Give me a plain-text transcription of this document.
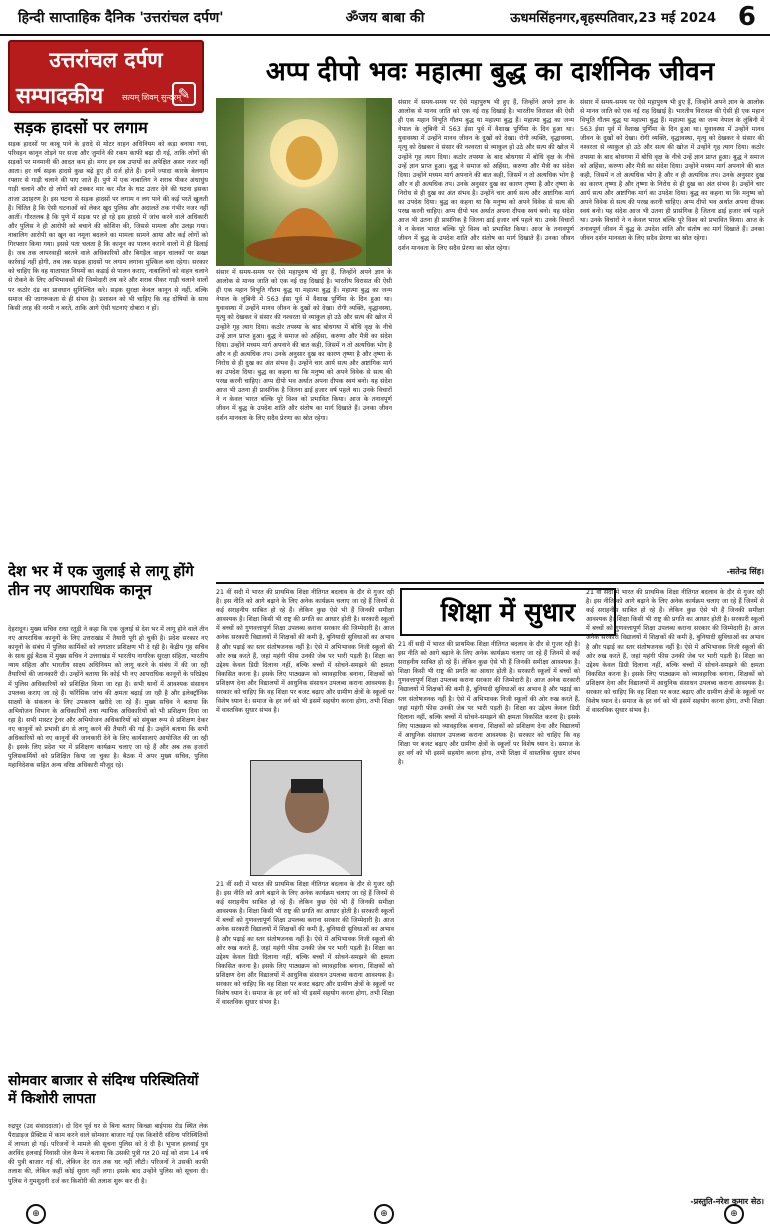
हिन्दी साप्ताहिक दैनिक 'उत्तरांचल दर्पण'	ॐजय बाबा की	ऊधमसिंहनगर,बृहस्पतिवार,23 मई 2024 6
उत्तरांचल दर्पण
सम्पादकीय सत्यम् शिवम् सुन्दरम्
✎
सड़क हादसों पर लगाम
सड़क हादसों पर काबू पाने के इरादे से मोटर वाहन अधिनियम को कड़ा बनाया गया, परिवहन कानून तोड़ने पर सजा और जुर्माने की रकम काफी बढ़ा दी गई, ताकि लोगों की सड़कों पर मनमानी की आदत कम हो। मगर इन सब उपायों का अपेक्षित असर नजर नहीं आता। हर वर्ष सड़क हादसे कुछ बढ़े हुए ही दर्ज होते हैं। इनमें ज्यादा कारके बेलगाम रफ्तार से गाड़ी चलाने की पाए जाते हैं। पुणे में एक नाबालिग ने शराब पीकर अंधाधुंध गाड़ी चलाने और दो लोगों को टक्कर मार कर मौत के घाट उतार देने की घटना इसका ताजा उदाहरण है। इस घटना से सड़क हादसों पर लगाम न लग पाने की कई परतें खुलती हैं। चिंतित है कि ऐसी घटनाओं को लेकर खुद पुलिस और अदालतें तक गंभीर नजर नहीं आतीं। गौरतलब है कि पुणे में सड़क पर हो रहे इस हादसे में जांच करने वाले अधिकारी और पुलिस ने ही आरोपी को बचाने की कोशिश की, जिससे मामला और उलझ गया। नाबालिग आरोपी का खून का नमूना बदलने का मामला सामने आया और कई लोगों को गिरफ्तार किया गया। इससे पता चलता है कि कानून का पालन कराने वालों में ही ढिलाई है। जब तक लापरवाही बरतने वाले अधिकारियों और बिगड़ैल वाहन चालकों पर सख्त कार्रवाई नहीं होगी, तब तक सड़क हादसों पर लगाम लगाना मुश्किल बना रहेगा। सरकार को चाहिए कि वह यातायात नियमों का कड़ाई से पालन कराए, नाबालिगों को वाहन चलाने से रोकने के लिए अभिभावकों की जिम्मेदारी तय करे और शराब पीकर गाड़ी चलाने वालों पर कठोर दंड का प्रावधान सुनिश्चित करे। सड़क सुरक्षा केवल कानून से नहीं, बल्कि समाज की जागरूकता से ही संभव है। प्रशासन को भी चाहिए कि वह दोषियों के साथ किसी तरह की नरमी न बरते, ताकि आगे ऐसी घटनाएं दोबारा न हों।
देश भर में एक जुलाई से लागू होंगे तीन नए आपराधिक कानून
देहरादून। मुख्य सचिव राधा रतूड़ी ने कहा कि एक जुलाई से देश भर में लागू होने वाले तीन नए आपराधिक कानूनों के लिए उत्तराखंड में तैयारी पूरी हो चुकी है। प्रदेश सरकार नए कानूनों के संबंध में पुलिस कार्मिकों को लगातार प्रशिक्षण भी दे रही है। केंद्रीय गृह सचिव के साथ हुई बैठक में मुख्य सचिव ने उत्तराखंड में भारतीय नागरिक सुरक्षा संहिता, भारतीय न्याय संहिता और भारतीय साक्ष्य अधिनियम को लागू करने के संबंध में की जा रही तैयारियों की जानकारी दी। उन्होंने बताया कि कोई भी नए आपराधिक कानूनों के परिप्रेक्ष्य में पुलिस अधिकारियों को प्रशिक्षित किया जा रहा है। सभी थानों में आवश्यक संसाधन उपलब्ध कराए जा रहे हैं। फॉरेंसिक जांच की क्षमता बढ़ाई जा रही है और इलेक्ट्रॉनिक साक्ष्यों के संकलन के लिए उपकरण खरीदे जा रहे हैं। मुख्य सचिव ने बताया कि अभियोजन विभाग के अधिकारियों तथा न्यायिक अधिकारियों को भी प्रशिक्षण दिया जा रहा है। सभी मास्टर ट्रेनर और अभियोजन अधिकारियों को संयुक्त रूप से प्रशिक्षण देकर नए कानूनों को प्रभावी ढंग से लागू करने की तैयारी की गई है। उन्होंने बताया कि सभी अधिकारियों को नए कानूनों की जानकारी देने के लिए कार्यशालाएं आयोजित की जा रही हैं। इसके लिए प्रदेश भर में प्रशिक्षण कार्यक्रम चलाए जा रहे हैं और अब तक हजारों पुलिसकर्मियों को प्रशिक्षित किया जा चुका है। बैठक में अपर मुख्य सचिव, पुलिस महानिदेशक सहित अन्य वरिष्ठ अधिकारी मौजूद रहे।
सोमवार बाजार से संदिग्ध परिस्थितियों में किशोरी लापता
रुद्रपुर (उद संवाददाता)। दो दिन पूर्व घर से बिना बताए किच्छा बाईपास रोड स्थित लेक पैराडाइज प्रैक्टिस में काम करने वाले सोमवार बाजार गई एक किशोरी संदिग्ध परिस्थितियों में लापता हो गई। परिजनों ने मामले की सूचना पुलिस को दे दी है। भूपाल हलवाई पुत्र अरविंद हलवाई निवासी जेल कैम्प ने बताया कि उसकी पुत्री गत 20 मई को शाम 14 वर्ष की पुत्री बाजार गई थी, लेकिन देर रात तक घर नहीं लौटी। परिजनों ने उसकी काफी तलाश की, लेकिन कहीं कोई सुराग नहीं लगा। इसके बाद उन्होंने पुलिस को सूचना दी। पुलिस ने गुमशुदगी दर्ज कर किशोरी की तलाश शुरू कर दी है।
अप्प दीपो भवः महात्मा बुद्ध का दार्शनिक जीवन
संसार में समय-समय पर ऐसे महापुरुष भी हुए हैं, जिन्होंने अपने ज्ञान के आलोक से मानव जाति को एक नई राह दिखाई है। भारतीय विरासत की ऐसी ही एक महान विभूति गौतम बुद्ध या महात्मा बुद्ध हैं। महात्मा बुद्ध का जन्म नेपाल के लुंबिनी में 563 ईसा पूर्व में वैशाख पूर्णिमा के दिन हुआ था। युवावस्था में उन्होंने मानव जीवन के दुखों को देखा। रोगी व्यक्ति, वृद्धावस्था, मृत्यु को देखकर वे संसार की नश्वरता से व्याकुल हो उठे और सत्य की खोज में उन्होंने गृह त्याग दिया। कठोर तपस्या के बाद बोधगया में बोधि वृक्ष के नीचे उन्हें ज्ञान प्राप्त हुआ। बुद्ध ने समाज को अहिंसा, करुणा और मैत्री का संदेश दिया। उन्होंने मध्यम मार्ग अपनाने की बात कही, जिसमें न तो अत्यधिक भोग है और न ही अत्यधिक तप। उनके अनुसार दुख का कारण तृष्णा है और तृष्णा के निरोध से ही दुख का अंत संभव है। उन्होंने चार आर्य सत्य और अष्टांगिक मार्ग का उपदेश दिया। बुद्ध का कहना था कि मनुष्य को अपने विवेक से सत्य की परख करनी चाहिए। अप्प दीपो भव अर्थात अपना दीपक स्वयं बनो। यह संदेश आज भी उतना ही प्रासंगिक है जितना ढाई हजार वर्ष पहले था। उनके विचारों ने न केवल भारत बल्कि पूरे विश्व को प्रभावित किया। आज के तनावपूर्ण जीवन में बुद्ध के उपदेश शांति और संतोष का मार्ग दिखाते हैं। उनका जीवन दर्शन मानवता के लिए सदैव प्रेरणा का स्रोत रहेगा।
संसार में समय-समय पर ऐसे महापुरुष भी हुए हैं, जिन्होंने अपने ज्ञान के आलोक से मानव जाति को एक नई राह दिखाई है। भारतीय विरासत की ऐसी ही एक महान विभूति गौतम बुद्ध या महात्मा बुद्ध हैं। महात्मा बुद्ध का जन्म नेपाल के लुंबिनी में 563 ईसा पूर्व में वैशाख पूर्णिमा के दिन हुआ था। युवावस्था में उन्होंने मानव जीवन के दुखों को देखा। रोगी व्यक्ति, वृद्धावस्था, मृत्यु को देखकर वे संसार की नश्वरता से व्याकुल हो उठे और सत्य की खोज में उन्होंने गृह त्याग दिया। कठोर तपस्या के बाद बोधगया में बोधि वृक्ष के नीचे उन्हें ज्ञान प्राप्त हुआ। बुद्ध ने समाज को अहिंसा, करुणा और मैत्री का संदेश दिया। उन्होंने मध्यम मार्ग अपनाने की बात कही, जिसमें न तो अत्यधिक भोग है और न ही अत्यधिक तप। उनके अनुसार दुख का कारण तृष्णा है और तृष्णा के निरोध से ही दुख का अंत संभव है। उन्होंने चार आर्य सत्य और अष्टांगिक मार्ग का उपदेश दिया। बुद्ध का कहना था कि मनुष्य को अपने विवेक से सत्य की परख करनी चाहिए। अप्प दीपो भव अर्थात अपना दीपक स्वयं बनो। यह संदेश आज भी उतना ही प्रासंगिक है जितना ढाई हजार वर्ष पहले था। उनके विचारों ने न केवल भारत बल्कि पूरे विश्व को प्रभावित किया। आज के तनावपूर्ण जीवन में बुद्ध के उपदेश शांति और संतोष का मार्ग दिखाते हैं। उनका जीवन दर्शन मानवता के लिए सदैव प्रेरणा का स्रोत रहेगा।
संसार में समय-समय पर ऐसे महापुरुष भी हुए हैं, जिन्होंने अपने ज्ञान के आलोक से मानव जाति को एक नई राह दिखाई है। भारतीय विरासत की ऐसी ही एक महान विभूति गौतम बुद्ध या महात्मा बुद्ध हैं। महात्मा बुद्ध का जन्म नेपाल के लुंबिनी में 563 ईसा पूर्व में वैशाख पूर्णिमा के दिन हुआ था। युवावस्था में उन्होंने मानव जीवन के दुखों को देखा। रोगी व्यक्ति, वृद्धावस्था, मृत्यु को देखकर वे संसार की नश्वरता से व्याकुल हो उठे और सत्य की खोज में उन्होंने गृह त्याग दिया। कठोर तपस्या के बाद बोधगया में बोधि वृक्ष के नीचे उन्हें ज्ञान प्राप्त हुआ। बुद्ध ने समाज को अहिंसा, करुणा और मैत्री का संदेश दिया। उन्होंने मध्यम मार्ग अपनाने की बात कही, जिसमें न तो अत्यधिक भोग है और न ही अत्यधिक तप। उनके अनुसार दुख का कारण तृष्णा है और तृष्णा के निरोध से ही दुख का अंत संभव है। उन्होंने चार आर्य सत्य और अष्टांगिक मार्ग का उपदेश दिया। बुद्ध का कहना था कि मनुष्य को अपने विवेक से सत्य की परख करनी चाहिए। अप्प दीपो भव अर्थात अपना दीपक स्वयं बनो। यह संदेश आज भी उतना ही प्रासंगिक है जितना ढाई हजार वर्ष पहले था। उनके विचारों ने न केवल भारत बल्कि पूरे विश्व को प्रभावित किया। आज के तनावपूर्ण जीवन में बुद्ध के उपदेश शांति और संतोष का मार्ग दिखाते हैं। उनका जीवन दर्शन मानवता के लिए सदैव प्रेरणा का स्रोत रहेगा।
-सतेन्द्र सिंह।
शिक्षा में सुधार
21 वीं सदी में भारत की प्राथमिक शिक्षा नीतिगत बदलाव के दौर से गुजर रही है। इस नीति को आगे बढ़ाने के लिए अनेक कार्यक्रम चलाए जा रहे हैं जिनमें से कई सराहनीय साबित हो रहे हैं। लेकिन कुछ ऐसे भी हैं जिनकी समीक्षा आवश्यक है। शिक्षा किसी भी राष्ट्र की प्रगति का आधार होती है। सरकारी स्कूलों में बच्चों को गुणवत्तापूर्ण शिक्षा उपलब्ध कराना सरकार की जिम्मेदारी है। आज अनेक सरकारी विद्यालयों में शिक्षकों की कमी है, बुनियादी सुविधाओं का अभाव है और पढ़ाई का स्तर संतोषजनक नहीं है। ऐसे में अभिभावक निजी स्कूलों की ओर रुख करते हैं, जहां महंगी फीस उनकी जेब पर भारी पड़ती है। शिक्षा का उद्देश्य केवल डिग्री दिलाना नहीं, बल्कि बच्चों में सोचने-समझने की क्षमता विकसित करना है। इसके लिए पाठ्यक्रम को व्यावहारिक बनाना, शिक्षकों को प्रशिक्षण देना और विद्यालयों में आधुनिक संसाधन उपलब्ध कराना आवश्यक है। सरकार को चाहिए कि वह शिक्षा पर बजट बढ़ाए और ग्रामीण क्षेत्रों के स्कूलों पर विशेष ध्यान दे। समाज के हर वर्ग को भी इसमें सहयोग करना होगा, तभी शिक्षा में वास्तविक सुधार संभव है।
21 वीं सदी में भारत की प्राथमिक शिक्षा नीतिगत बदलाव के दौर से गुजर रही है। इस नीति को आगे बढ़ाने के लिए अनेक कार्यक्रम चलाए जा रहे हैं जिनमें से कई सराहनीय साबित हो रहे हैं। लेकिन कुछ ऐसे भी हैं जिनकी समीक्षा आवश्यक है। शिक्षा किसी भी राष्ट्र की प्रगति का आधार होती है। सरकारी स्कूलों में बच्चों को गुणवत्तापूर्ण शिक्षा उपलब्ध कराना सरकार की जिम्मेदारी है। आज अनेक सरकारी विद्यालयों में शिक्षकों की कमी है, बुनियादी सुविधाओं का अभाव है और पढ़ाई का स्तर संतोषजनक नहीं है। ऐसे में अभिभावक निजी स्कूलों की ओर रुख करते हैं, जहां महंगी फीस उनकी जेब पर भारी पड़ती है। शिक्षा का उद्देश्य केवल डिग्री दिलाना नहीं, बल्कि बच्चों में सोचने-समझने की क्षमता विकसित करना है। इसके लिए पाठ्यक्रम को व्यावहारिक बनाना, शिक्षकों को प्रशिक्षण देना और विद्यालयों में आधुनिक संसाधन उपलब्ध कराना आवश्यक है। सरकार को चाहिए कि वह शिक्षा पर बजट बढ़ाए और ग्रामीण क्षेत्रों के स्कूलों पर विशेष ध्यान दे। समाज के हर वर्ग को भी इसमें सहयोग करना होगा, तभी शिक्षा में वास्तविक सुधार संभव है।
21 वीं सदी में भारत की प्राथमिक शिक्षा नीतिगत बदलाव के दौर से गुजर रही है। इस नीति को आगे बढ़ाने के लिए अनेक कार्यक्रम चलाए जा रहे हैं जिनमें से कई सराहनीय साबित हो रहे हैं। लेकिन कुछ ऐसे भी हैं जिनकी समीक्षा आवश्यक है। शिक्षा किसी भी राष्ट्र की प्रगति का आधार होती है। सरकारी स्कूलों में बच्चों को गुणवत्तापूर्ण शिक्षा उपलब्ध कराना सरकार की जिम्मेदारी है। आज अनेक सरकारी विद्यालयों में शिक्षकों की कमी है, बुनियादी सुविधाओं का अभाव है और पढ़ाई का स्तर संतोषजनक नहीं है। ऐसे में अभिभावक निजी स्कूलों की ओर रुख करते हैं, जहां महंगी फीस उनकी जेब पर भारी पड़ती है। शिक्षा का उद्देश्य केवल डिग्री दिलाना नहीं, बल्कि बच्चों में सोचने-समझने की क्षमता विकसित करना है। इसके लिए पाठ्यक्रम को व्यावहारिक बनाना, शिक्षकों को प्रशिक्षण देना और विद्यालयों में आधुनिक संसाधन उपलब्ध कराना आवश्यक है। सरकार को चाहिए कि वह शिक्षा पर बजट बढ़ाए और ग्रामीण क्षेत्रों के स्कूलों पर विशेष ध्यान दे। समाज के हर वर्ग को भी इसमें सहयोग करना होगा, तभी शिक्षा में वास्तविक सुधार संभव है।
21 वीं सदी में भारत की प्राथमिक शिक्षा नीतिगत बदलाव के दौर से गुजर रही है। इस नीति को आगे बढ़ाने के लिए अनेक कार्यक्रम चलाए जा रहे हैं जिनमें से कई सराहनीय साबित हो रहे हैं। लेकिन कुछ ऐसे भी हैं जिनकी समीक्षा आवश्यक है। शिक्षा किसी भी राष्ट्र की प्रगति का आधार होती है। सरकारी स्कूलों में बच्चों को गुणवत्तापूर्ण शिक्षा उपलब्ध कराना सरकार की जिम्मेदारी है। आज अनेक सरकारी विद्यालयों में शिक्षकों की कमी है, बुनियादी सुविधाओं का अभाव है और पढ़ाई का स्तर संतोषजनक नहीं है। ऐसे में अभिभावक निजी स्कूलों की ओर रुख करते हैं, जहां महंगी फीस उनकी जेब पर भारी पड़ती है। शिक्षा का उद्देश्य केवल डिग्री दिलाना नहीं, बल्कि बच्चों में सोचने-समझने की क्षमता विकसित करना है। इसके लिए पाठ्यक्रम को व्यावहारिक बनाना, शिक्षकों को प्रशिक्षण देना और विद्यालयों में आधुनिक संसाधन उपलब्ध कराना आवश्यक है। सरकार को चाहिए कि वह शिक्षा पर बजट बढ़ाए और ग्रामीण क्षेत्रों के स्कूलों पर विशेष ध्यान दे। समाज के हर वर्ग को भी इसमें सहयोग करना होगा, तभी शिक्षा में वास्तविक सुधार संभव है।
-प्रस्तुति-नरेश कुमार सेठ।
⊕	⊕	⊕
